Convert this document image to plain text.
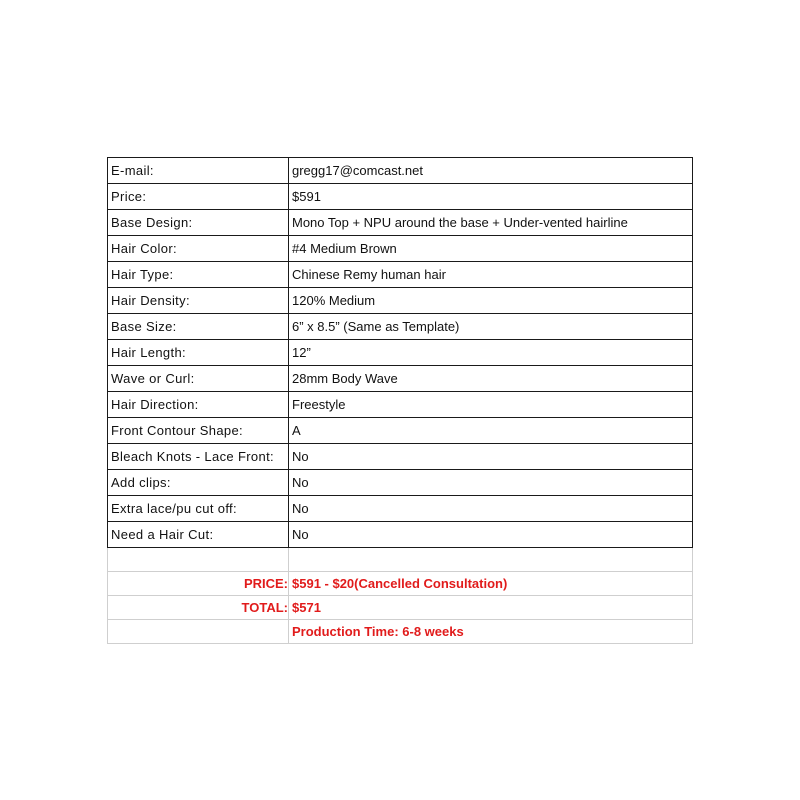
E-mail:	gregg17@comcast.net
Price:	$591
Base Design:	Mono Top + NPU around the base + Under-vented hairline
Hair Color:	#4 Medium Brown
Hair Type:	Chinese Remy human hair
Hair Density:	120% Medium
Base Size:	6” x 8.5” (Same as Template)
Hair Length:	12”
Wave or Curl:	28mm Body Wave
Hair Direction:	Freestyle
Front Contour Shape:	A
Bleach Knots - Lace Front:	No
Add clips:	No
Extra lace/pu cut off:	No
Need a Hair Cut:	No

PRICE:	$591 - $20(Cancelled Consultation)
TOTAL:	$571
	Production Time: 6-8 weeks
